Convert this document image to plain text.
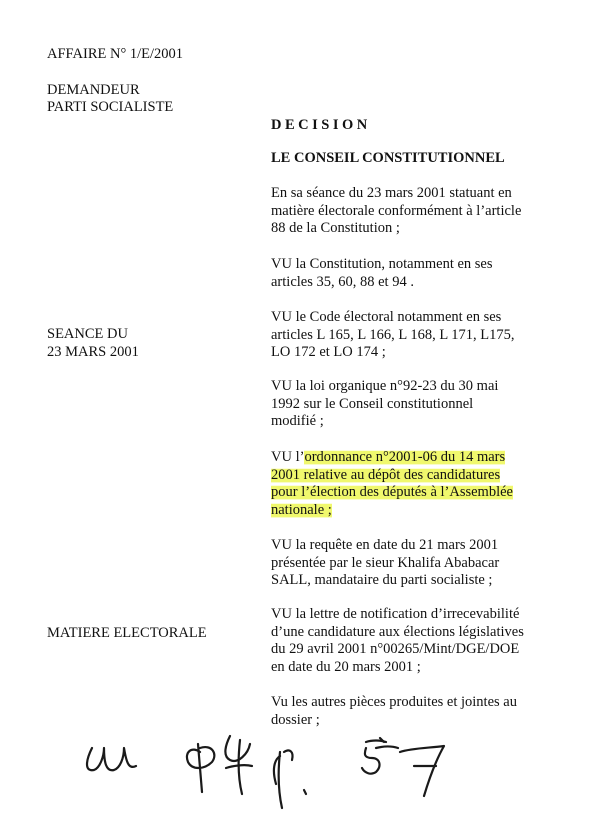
AFFAIRE N° 1/E/2001
DEMANDEUR
PARTI SOCIALISTE
SEANCE DU
23 MARS 2001
MATIERE ELECTORALE
DECISION
LE CONSEIL CONSTITUTIONNEL
En sa séance du 23 mars 2001 statuant en
matière électorale conformément à l’article
88 de la Constitution ;
VU la Constitution, notamment en ses
articles 35, 60, 88 et 94 .
VU le Code électoral notamment en ses
articles L 165, L 166, L 168, L 171, L175,
LO 172 et LO 174 ;
VU la loi organique n°92-23 du 30 mai
1992 sur le Conseil constitutionnel
modifié ;
VU l’ordonnance n°2001-06 du 14 mars
2001 relative au dépôt des candidatures
pour l’élection des députés à l’Assemblée
nationale ;
VU la requête en date du 21 mars 2001
présentée par le sieur Khalifa Ababacar
SALL, mandataire du parti socialiste ;
VU la lettre de notification d’irrecevabilité
d’une candidature aux élections législatives
du 29 avril 2001 n°00265/Mint/DGE/DOE
en date du 20 mars 2001 ;
Vu les autres pièces produites et jointes au
dossier ;
